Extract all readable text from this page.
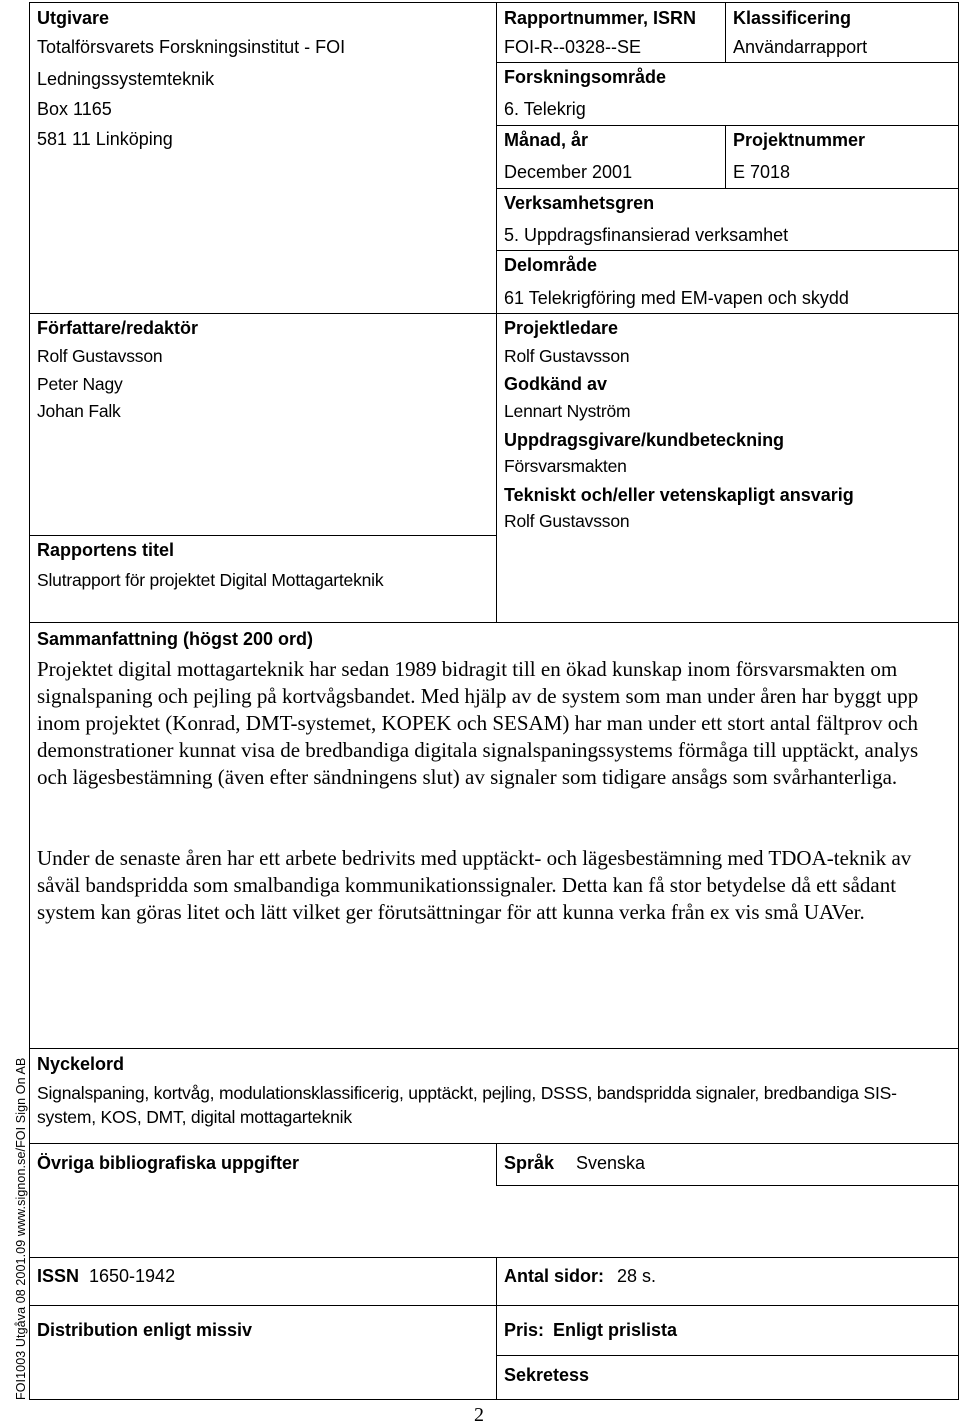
Utgivare
Totalförsvarets Forskningsinstitut - FOI
Ledningssystemteknik
Box 1165
581 11 Linköping
Författare/redaktör
Rolf Gustavsson
Peter Nagy
Johan Falk
Rapportens titel
Slutrapport för projektet Digital Mottagarteknik
Rapportnummer, ISRN
FOI-R--0328--SE
Klassificering
Användarrapport
Forskningsområde
6. Telekrig
Månad, år
December 2001
Projektnummer
E 7018
Verksamhetsgren
5. Uppdragsfinansierad verksamhet
Delområde
61 Telekrigföring med EM-vapen och skydd
Projektledare
Rolf Gustavsson
Godkänd av
Lennart Nyström
Uppdragsgivare/kundbeteckning
Försvarsmakten
Tekniskt och/eller vetenskapligt ansvarig
Rolf Gustavsson
Sammanfattning (högst 200 ord)
Projektet digital mottagarteknik har sedan 1989 bidragit till en ökad kunskap inom försvarsmakten om signalspaning och pejling på kortvågsbandet. Med hjälp av de system som man under åren har byggt upp inom projektet (Konrad, DMT-systemet, KOPEK och SESAM) har man under ett stort antal fältprov och demonstrationer kunnat visa de bredbandiga digitala signalspaningssystems förmåga till upptäckt, analys och lägesbestämning (även efter sändningens slut) av signaler som tidigare ansågs som svårhanterliga.
Under de senaste åren har ett arbete bedrivits med upptäckt- och lägesbestämning med TDOA-teknik av såväl bandspridda som smalbandiga kommunikationssignaler. Detta kan få stor betydelse då ett sådant system kan göras litet och lätt vilket ger förutsättningar för att kunna verka från ex vis små UAVer.
Nyckelord
Signalspaning, kortvåg, modulationsklassificerig, upptäckt, pejling, DSSS, bandspridda signaler, bredbandiga SIS-
system, KOS, DMT, digital mottagarteknik
Övriga bibliografiska uppgifter	Språk Svenska
ISSN 1650-1942	Antal sidor: 28 s.
Distribution enligt missiv	Pris: Enligt prislista
Sekretess
FOI1003 Utgåva 08 2001.09 www.signon.se/FOI Sign On AB
2
